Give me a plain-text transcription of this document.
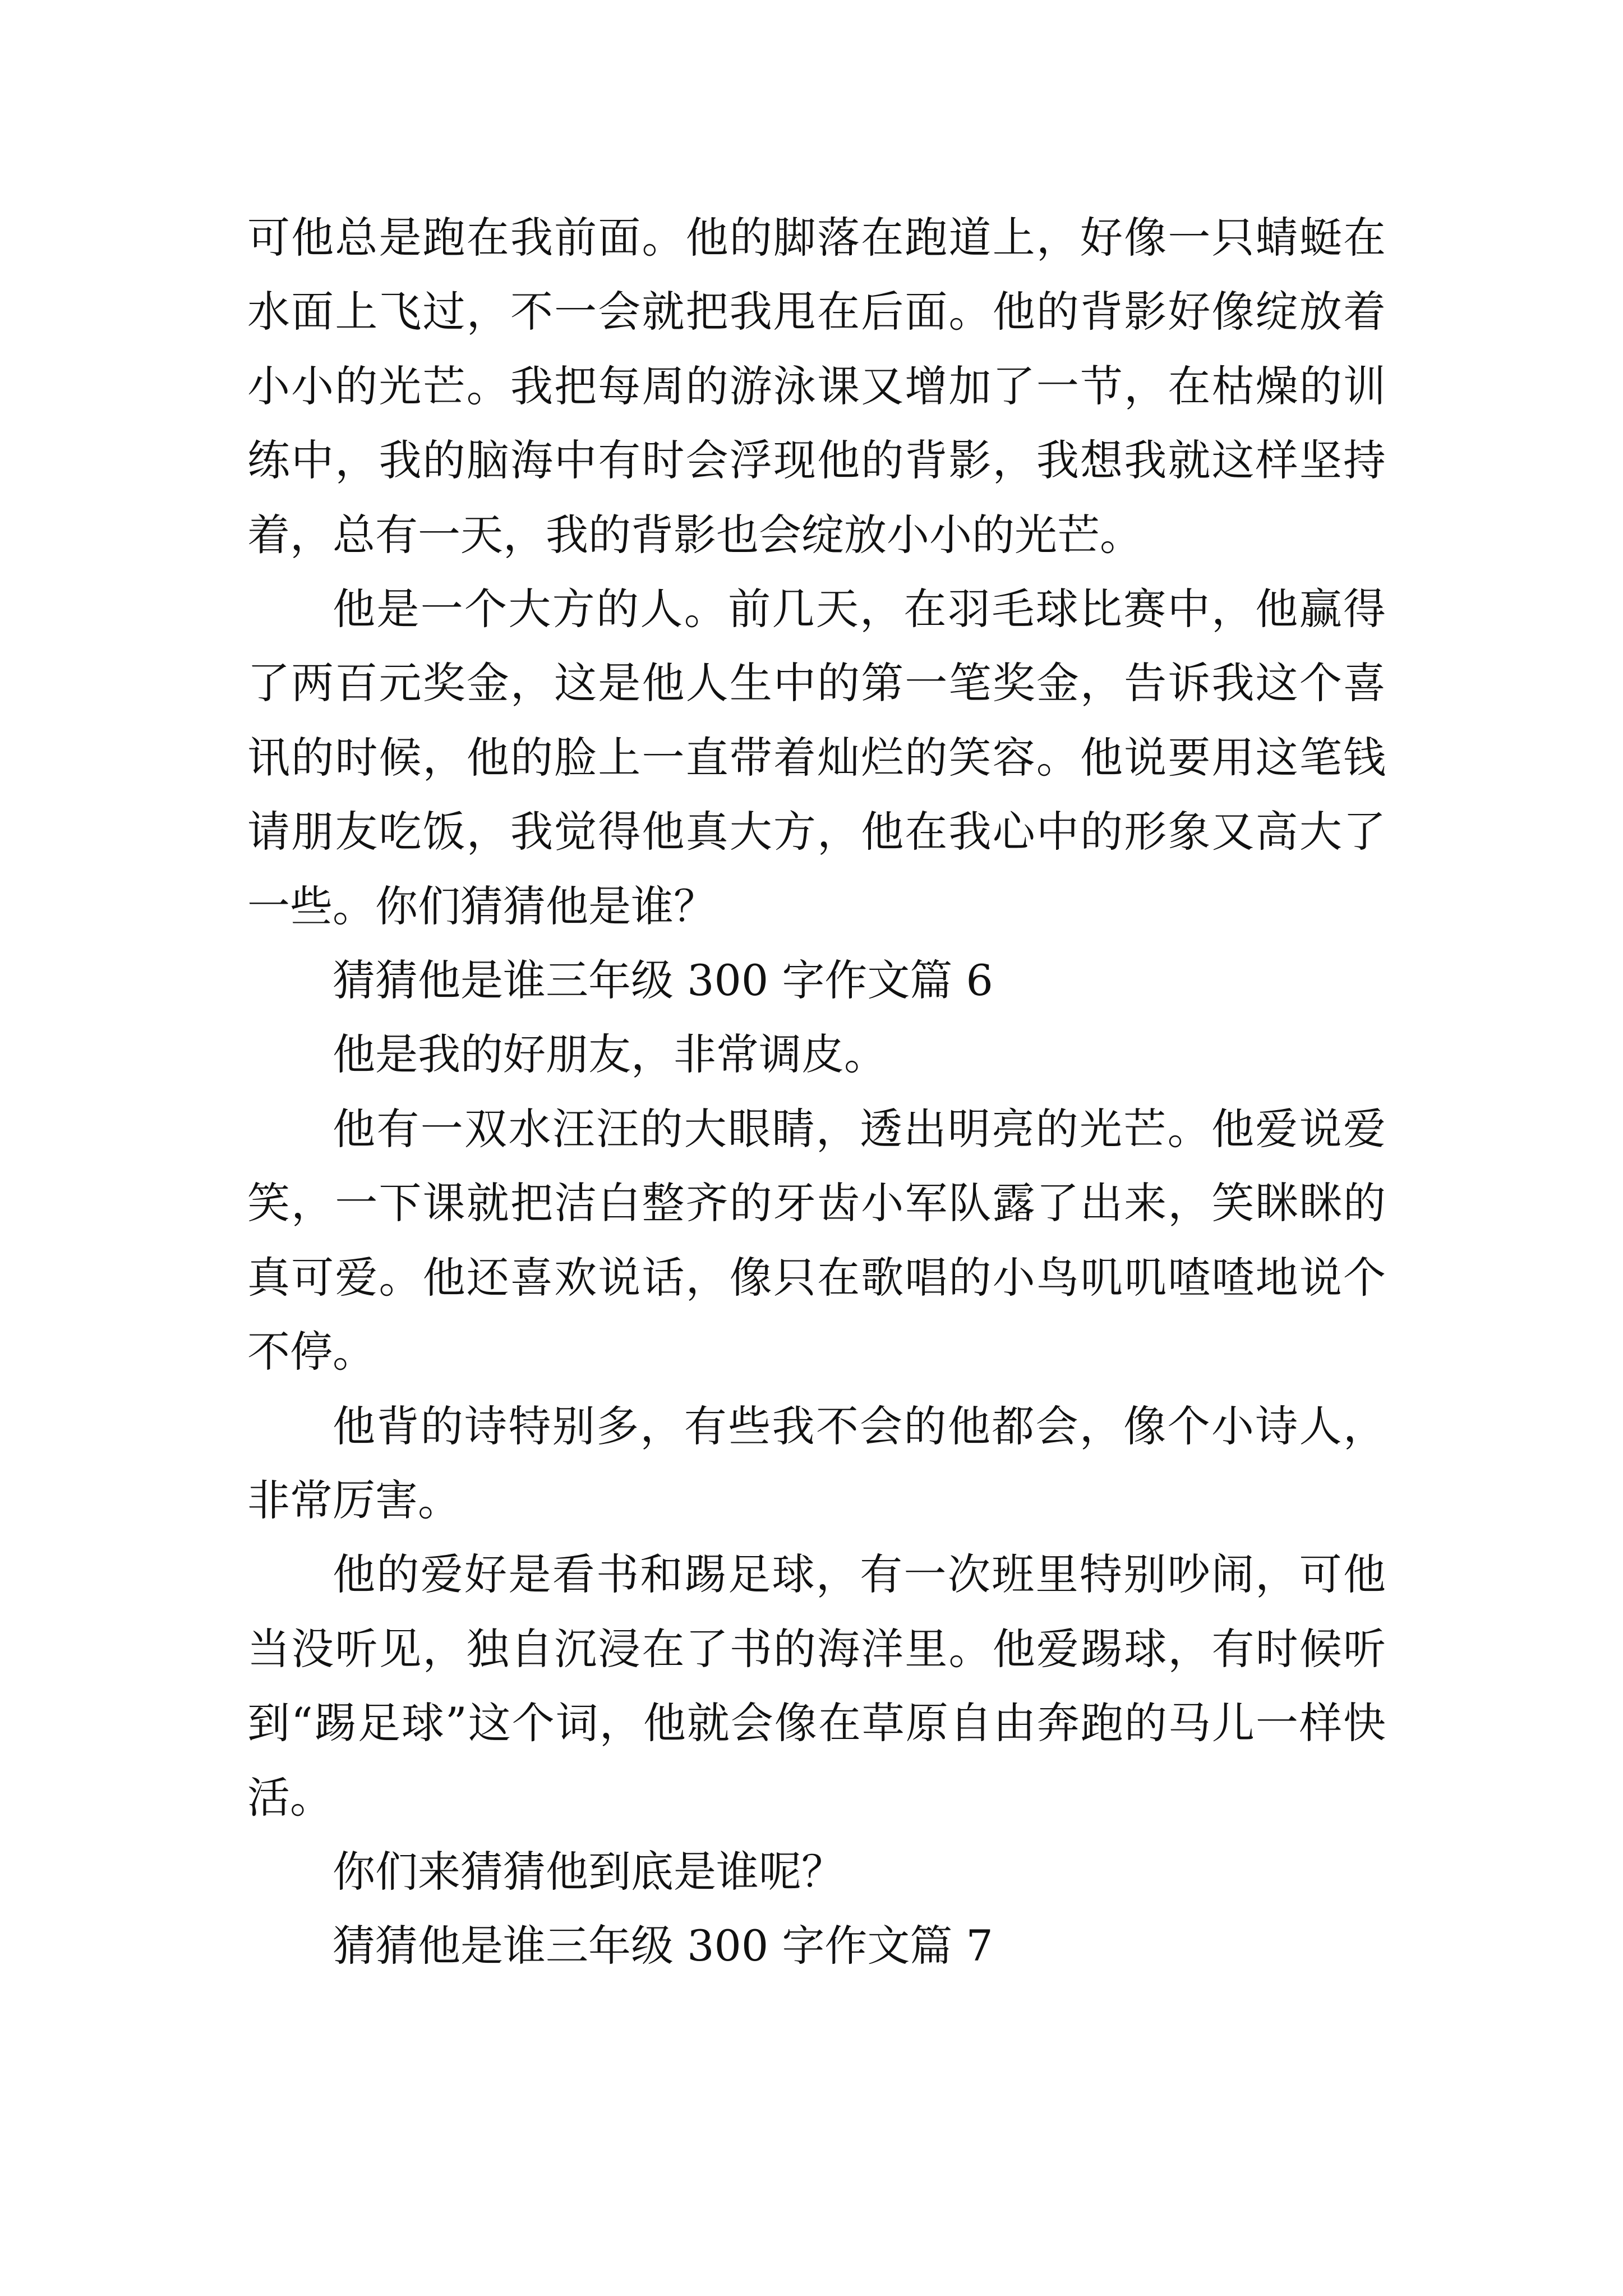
可他总是跑在我前面。他的脚落在跑道上，好像一只蜻蜓在水面上飞过，不一会就把我甩在后面。他的背影好像绽放着小小的光芒。我把每周的游泳课又增加了一节，在枯燥的训练中，我的脑海中有时会浮现他的背影，我想我就这样坚持着，总有一天，我的背影也会绽放小小的光芒。

他是一个大方的人。前几天，在羽毛球比赛中，他赢得了两百元奖金，这是他人生中的第一笔奖金，告诉我这个喜讯的时候，他的脸上一直带着灿烂的笑容。他说要用这笔钱请朋友吃饭，我觉得他真大方，他在我心中的形象又高大了一些。你们猜猜他是谁？

猜猜他是谁三年级 300 字作文篇 6

他是我的好朋友，非常调皮。

他有一双水汪汪的大眼睛，透出明亮的光芒。他爱说爱笑，一下课就把洁白整齐的牙齿小军队露了出来，笑眯眯的真可爱。他还喜欢说话，像只在歌唱的小鸟叽叽喳喳地说个不停。

他背的诗特别多，有些我不会的他都会，像个小诗人，非常厉害。

他的爱好是看书和踢足球，有一次班里特别吵闹，可他当没听见，独自沉浸在了书的海洋里。他爱踢球，有时候听到“踢足球”这个词，他就会像在草原自由奔跑的马儿一样快活。

你们来猜猜他到底是谁呢？

猜猜他是谁三年级 300 字作文篇 7
